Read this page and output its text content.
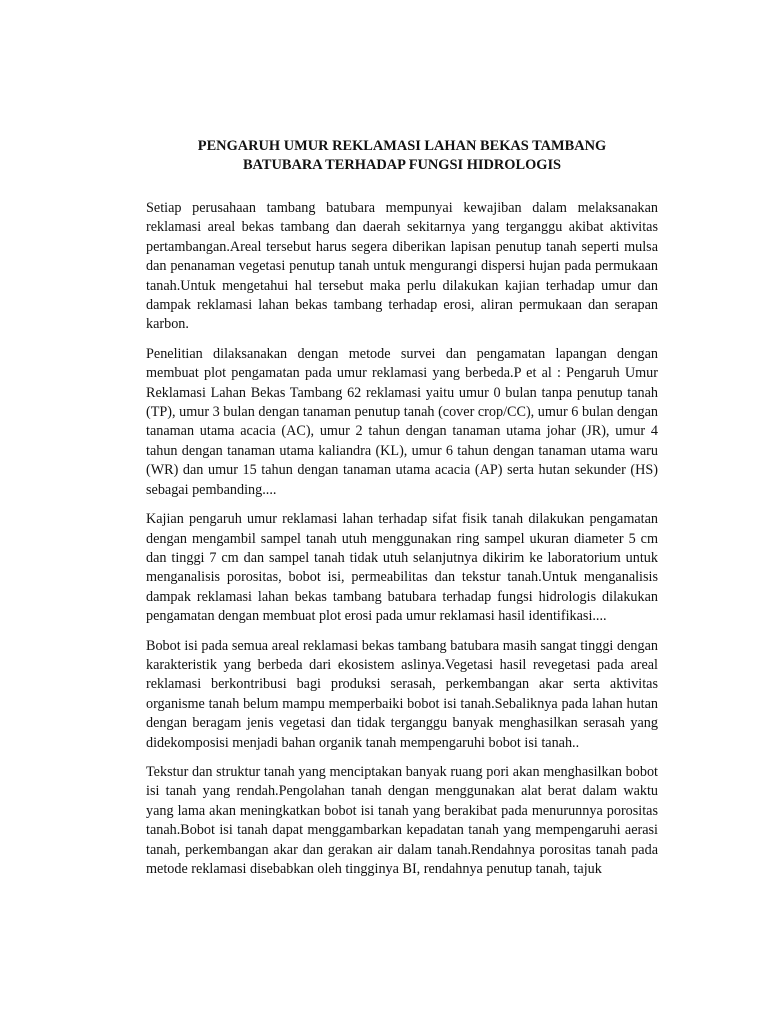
PENGARUH UMUR REKLAMASI LAHAN BEKAS TAMBANG
BATUBARA TERHADAP FUNGSI HIDROLOGIS

Setiap perusahaan tambang batubara mempunyai kewajiban dalam melaksanakan reklamasi areal bekas tambang dan daerah sekitarnya yang terganggu akibat aktivitas pertambangan.Areal tersebut harus segera diberikan lapisan penutup tanah seperti mulsa dan penanaman vegetasi penutup tanah untuk mengurangi dispersi hujan pada permukaan tanah.Untuk mengetahui hal tersebut maka perlu dilakukan kajian terhadap umur dan dampak reklamasi lahan bekas tambang terhadap erosi, aliran permukaan dan serapan karbon.

Penelitian dilaksanakan dengan metode survei dan pengamatan lapangan dengan membuat plot pengamatan pada umur reklamasi yang berbeda.P et al : Pengaruh Umur Reklamasi Lahan Bekas Tambang 62 reklamasi yaitu umur 0 bulan tanpa penutup tanah (TP), umur 3 bulan dengan tanaman penutup tanah (cover crop/CC), umur 6 bulan dengan tanaman utama acacia (AC), umur 2 tahun dengan tanaman utama johar (JR), umur 4 tahun dengan tanaman utama kaliandra (KL), umur 6 tahun dengan tanaman utama waru (WR) dan umur 15 tahun dengan tanaman utama acacia (AP) serta hutan sekunder (HS) sebagai pembanding....

Kajian pengaruh umur reklamasi lahan terhadap sifat fisik tanah dilakukan pengamatan dengan mengambil sampel tanah utuh menggunakan ring sampel ukuran diameter 5 cm dan tinggi 7 cm dan sampel tanah tidak utuh selanjutnya dikirim ke laboratorium untuk menganalisis porositas, bobot isi, permeabilitas dan tekstur tanah.Untuk menganalisis dampak reklamasi lahan bekas tambang batubara terhadap fungsi hidrologis dilakukan pengamatan dengan membuat plot erosi pada umur reklamasi hasil identifikasi....

Bobot isi pada semua areal reklamasi bekas tambang batubara masih sangat tinggi dengan karakteristik yang berbeda dari ekosistem aslinya.Vegetasi hasil revegetasi pada areal reklamasi berkontribusi bagi produksi serasah, perkembangan akar serta aktivitas organisme tanah belum mampu memperbaiki bobot isi tanah.Sebaliknya pada lahan hutan dengan beragam jenis vegetasi dan tidak terganggu banyak menghasilkan serasah yang didekomposisi menjadi bahan organik tanah mempengaruhi bobot isi tanah..

Tekstur dan struktur tanah yang menciptakan banyak ruang pori akan menghasilkan bobot isi tanah yang rendah.Pengolahan tanah dengan menggunakan alat berat dalam waktu yang lama akan meningkatkan bobot isi tanah yang berakibat pada menurunnya porositas tanah.Bobot isi tanah dapat menggambarkan kepadatan tanah yang mempengaruhi aerasi tanah, perkembangan akar dan gerakan air dalam tanah.Rendahnya porositas tanah pada metode reklamasi disebabkan oleh tingginya BI, rendahnya penutup tanah, tajuk
